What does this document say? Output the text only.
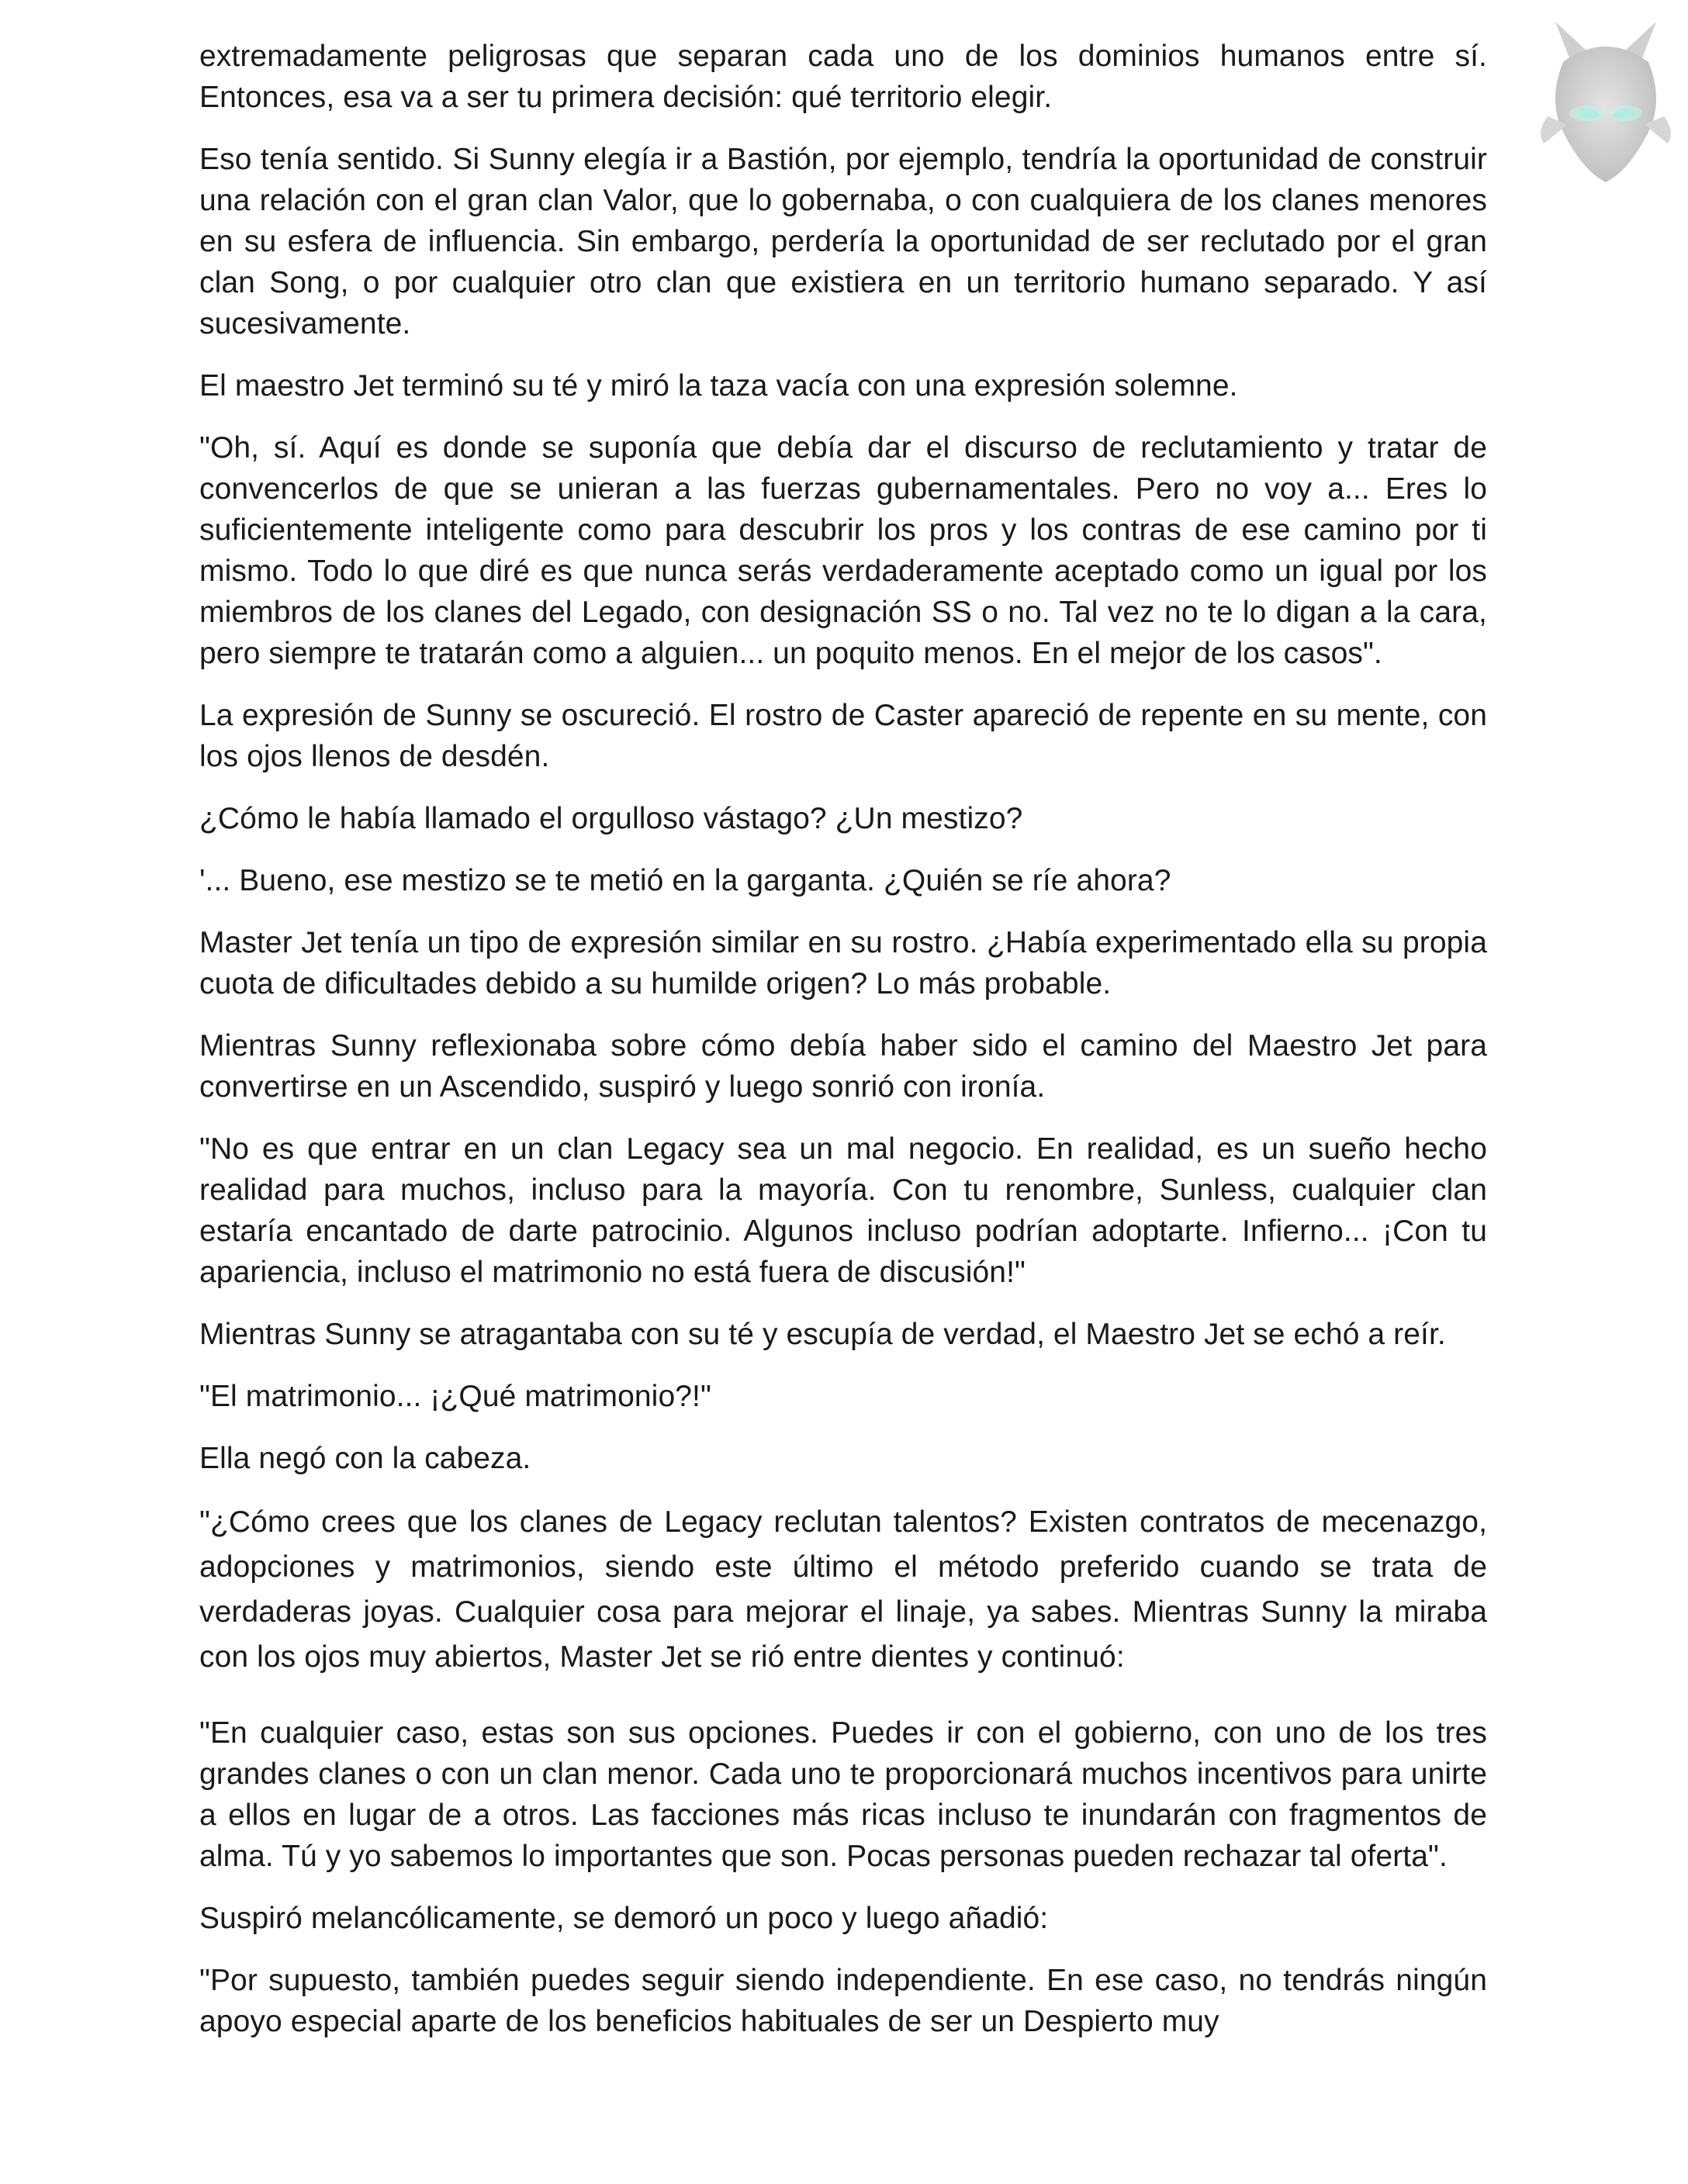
extremadamente peligrosas que separan cada uno de los dominios humanos entre sí. Entonces, esa va a ser tu primera decisión: qué territorio elegir.

Eso tenía sentido. Si Sunny elegía ir a Bastión, por ejemplo, tendría la oportunidad de construir una relación con el gran clan Valor, que lo gobernaba, o con cualquiera de los clanes menores en su esfera de influencia. Sin embargo, perdería la oportunidad de ser reclutado por el gran clan Song, o por cualquier otro clan que existiera en un territorio humano separado. Y así sucesivamente.

El maestro Jet terminó su té y miró la taza vacía con una expresión solemne.

"Oh, sí. Aquí es donde se suponía que debía dar el discurso de reclutamiento y tratar de convencerlos de que se unieran a las fuerzas gubernamentales. Pero no voy a... Eres lo suficientemente inteligente como para descubrir los pros y los contras de ese camino por ti mismo. Todo lo que diré es que nunca serás verdaderamente aceptado como un igual por los miembros de los clanes del Legado, con designación SS o no. Tal vez no te lo digan a la cara, pero siempre te tratarán como a alguien... un poquito menos. En el mejor de los casos".

La expresión de Sunny se oscureció. El rostro de Caster apareció de repente en su mente, con los ojos llenos de desdén.

¿Cómo le había llamado el orgulloso vástago? ¿Un mestizo?

'... Bueno, ese mestizo se te metió en la garganta. ¿Quién se ríe ahora?

Master Jet tenía un tipo de expresión similar en su rostro. ¿Había experimentado ella su propia cuota de dificultades debido a su humilde origen? Lo más probable.

Mientras Sunny reflexionaba sobre cómo debía haber sido el camino del Maestro Jet para convertirse en un Ascendido, suspiró y luego sonrió con ironía.

"No es que entrar en un clan Legacy sea un mal negocio. En realidad, es un sueño hecho realidad para muchos, incluso para la mayoría. Con tu renombre, Sunless, cualquier clan estaría encantado de darte patrocinio. Algunos incluso podrían adoptarte. Infierno... ¡Con tu apariencia, incluso el matrimonio no está fuera de discusión!"

Mientras Sunny se atragantaba con su té y escupía de verdad, el Maestro Jet se echó a reír.

"El matrimonio... ¡¿Qué matrimonio?!"

Ella negó con la cabeza.

"¿Cómo crees que los clanes de Legacy reclutan talentos? Existen contratos de mecenazgo, adopciones y matrimonios, siendo este último el método preferido cuando se trata de verdaderas joyas. Cualquier cosa para mejorar el linaje, ya sabes. Mientras Sunny la miraba con los ojos muy abiertos, Master Jet se rió entre dientes y continuó:

"En cualquier caso, estas son sus opciones. Puedes ir con el gobierno, con uno de los tres grandes clanes o con un clan menor. Cada uno te proporcionará muchos incentivos para unirte a ellos en lugar de a otros. Las facciones más ricas incluso te inundarán con fragmentos de alma. Tú y yo sabemos lo importantes que son. Pocas personas pueden rechazar tal oferta".

Suspiró melancólicamente, se demoró un poco y luego añadió:

"Por supuesto, también puedes seguir siendo independiente. En ese caso, no tendrás ningún apoyo especial aparte de los beneficios habituales de ser un Despierto muy
